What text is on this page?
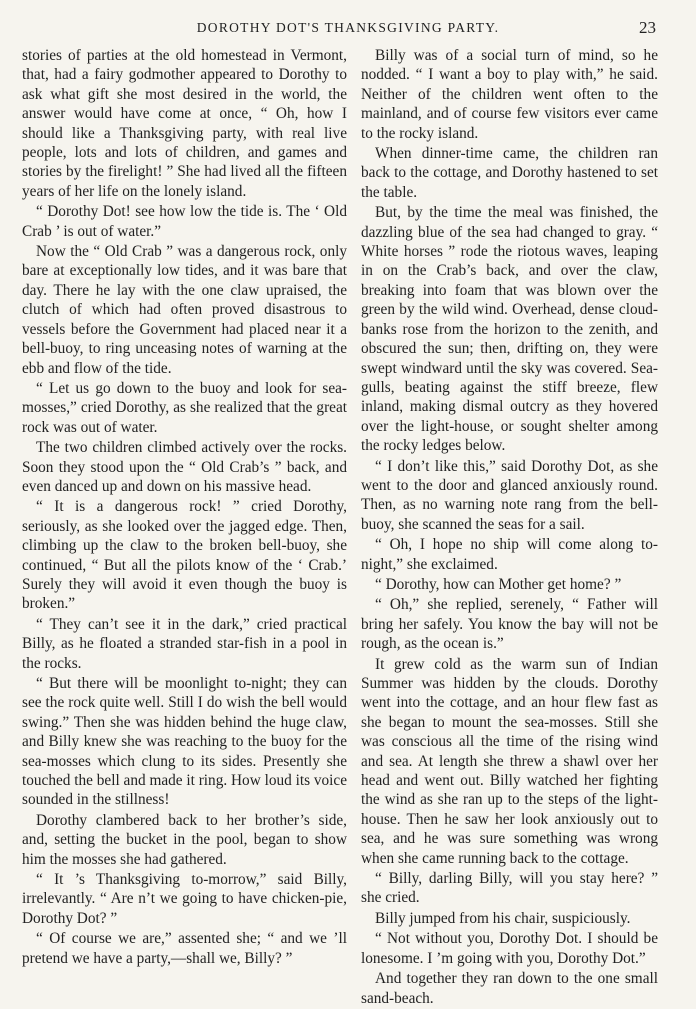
DOROTHY DOT'S THANKSGIVING PARTY.	23

stories of parties at the old homestead in Vermont, that, had a fairy godmother appeared to Dorothy to ask what gift she most desired in the world, the answer would have come at once, “ Oh, how I should like a Thanksgiving party, with real live people, lots and lots of children, and games and stories by the firelight! ” She had lived all the fifteen years of her life on the lonely island.

“ Dorothy Dot! see how low the tide is. The ‘ Old Crab ’ is out of water.”

Now the “ Old Crab ” was a dangerous rock, only bare at exceptionally low tides, and it was bare that day. There he lay with the one claw upraised, the clutch of which had often proved disastrous to vessels before the Government had placed near it a bell-buoy, to ring unceasing notes of warning at the ebb and flow of the tide.

“ Let us go down to the buoy and look for sea-mosses,” cried Dorothy, as she realized that the great rock was out of water.

The two children climbed actively over the rocks. Soon they stood upon the “ Old Crab’s ” back, and even danced up and down on his massive head.

“ It is a dangerous rock! ” cried Dorothy, seriously, as she looked over the jagged edge. Then, climbing up the claw to the broken bell-buoy, she continued, “ But all the pilots know of the ‘ Crab.’ Surely they will avoid it even though the buoy is broken.”

“ They can’t see it in the dark,” cried practical Billy, as he floated a stranded star-fish in a pool in the rocks.

“ But there will be moonlight to-night; they can see the rock quite well. Still I do wish the bell would swing.” Then she was hidden behind the huge claw, and Billy knew she was reaching to the buoy for the sea-mosses which clung to its sides. Presently she touched the bell and made it ring. How loud its voice sounded in the stillness!

Dorothy clambered back to her brother’s side, and, setting the bucket in the pool, began to show him the mosses she had gathered.

“ It ’s Thanksgiving to-morrow,” said Billy, irrelevantly. “ Are n’t we going to have chicken-pie, Dorothy Dot? ”

“ Of course we are,” assented she; “ and we ’ll pretend we have a party,—shall we, Billy? ”

Billy was of a social turn of mind, so he nodded. “ I want a boy to play with,” he said. Neither of the children went often to the mainland, and of course few visitors ever came to the rocky island.

When dinner-time came, the children ran back to the cottage, and Dorothy hastened to set the table.

But, by the time the meal was finished, the dazzling blue of the sea had changed to gray. “ White horses ” rode the riotous waves, leaping in on the Crab’s back, and over the claw, breaking into foam that was blown over the green by the wild wind. Overhead, dense cloud-banks rose from the horizon to the zenith, and obscured the sun; then, drifting on, they were swept windward until the sky was covered. Sea-gulls, beating against the stiff breeze, flew inland, making dismal outcry as they hovered over the light-house, or sought shelter among the rocky ledges below.

“ I don’t like this,” said Dorothy Dot, as she went to the door and glanced anxiously round. Then, as no warning note rang from the bell-buoy, she scanned the seas for a sail.

“ Oh, I hope no ship will come along to-night,” she exclaimed.

“ Dorothy, how can Mother get home? ”

“ Oh,” she replied, serenely, “ Father will bring her safely. You know the bay will not be rough, as the ocean is.”

It grew cold as the warm sun of Indian Summer was hidden by the clouds. Dorothy went into the cottage, and an hour flew fast as she began to mount the sea-mosses. Still she was conscious all the time of the rising wind and sea. At length she threw a shawl over her head and went out. Billy watched her fighting the wind as she ran up to the steps of the light-house. Then he saw her look anxiously out to sea, and he was sure something was wrong when she came running back to the cottage.

“ Billy, darling Billy, will you stay here? ” she cried.

Billy jumped from his chair, suspiciously.

“ Not without you, Dorothy Dot. I should be lonesome. I ’m going with you, Dorothy Dot.”

And together they ran down to the one small sand-beach.
